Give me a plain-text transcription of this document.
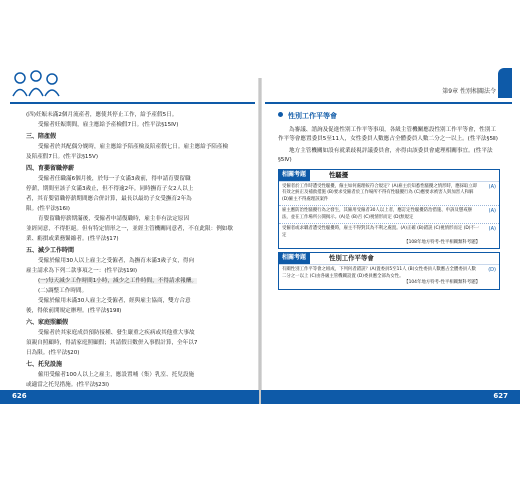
第9章 性別相關法令

(四)妊娠未滿2個月流產者，應使其停止工作，給予產假5日。

受僱者妊娠期間，雇主應給予產檢假7日。(性平法§15Ⅳ)

三、陪產假

受僱者於其配偶分娩時，雇主應給予陪產檢及陪產假七日。雇主應給予陪產檢

及陪產假7日。(性平法§15Ⅴ)

四、育嬰留職停薪

受僱者任職滿6個月後，於每一子女滿3歲前，得申請育嬰留職

停薪，期間至該子女滿3歲止，但不得逾2年。同時撫育子女2人以上

者，其育嬰留職停薪期間應合併計算，最長以最幼子女受撫育2年為

限。(性平法§16Ⅰ)

育嬰留職停薪期滿後，受僱者申請復職時，雇主非有法定原因

並經同意，不得拒絕。但有特定情形之一，並經主管機關同意者，不在此限：例如歇

業、虧損或業務緊縮者。(性平法§17)

五、減少工作時間

受僱於僱用30人以上雇主之受僱者，為撫育未滿3歲子女，得向

雇主請求為下列二款事項之一：(性平法§19Ⅰ)

(一)每天減少工作時間1小時，減少之工作時間，不得請求報酬。

(二)調整工作時間。

受僱於僱用未滿30人雇主之受僱者，經與雇主協商，雙方合意

後，得依前開規定辦理。(性平法§19Ⅱ)

六、家庭照顧假

受僱者於其家庭成員預防接種、發生嚴重之疾病或其他重大事故

須親自照顧時，得請家庭照顧假；其請假日數併入事假計算，全年以7

日為限。(性平法§20)

七、托兒設施

僱用受僱者100人以上之雇主，應設置哺（集）乳室、托兒設施

或適當之托兒措施。(性平法§23Ⅰ)

性別工作平等會

為審議、諮詢及促進性別工作平等事項，各級主管機關應設性別工作平等會，性別工作平等會應置委員5至11人，女性委員人數應占全體委員人數二分之一以上。(性平法§5Ⅱ)

地方主管機關如設有就業歧視評議委員會，亦得由該委員會處理相關事宜。(性平法§5Ⅳ)

相關考題	性騷擾
受僱者於工作時遭受性騷擾，僱主如何處理較符合規定？(A)雇主於知悉性騷擾之情形時，應採取立即有效之糾正及補救措施 (B)要求受僱者於工作場所不得有性騷擾行為 (C)應要求被害人與加害人和解 (D)僱主不得處理該案件
(A)
雇主應防治性騷擾行為之發生，其僱用受僱者30人以上者，應訂定性騷擾防治措施、申訴及懲戒辦法，並在工作場所公開揭示。(A)是 (B)否 (C)視情形而定 (D)無規定
(A)
受僱者或求職者遭受性騷擾時，雇主不得對其為不利之處置。(A)正確 (B)錯誤 (C)視情形而定 (D)不一定
【108年地方特考-性平相關類科考題】
(A)
相關考題	性別工作平等會
有關性別工作平等會之組成，下列何者錯誤？(A)置委員5至11人 (B)女性委員人數應占全體委員人數二分之一以上 (C)由各級主管機關設置 (D)委員應全部為女性。
【104年地方特考-性平相關類科考題】
(D)
626	627
